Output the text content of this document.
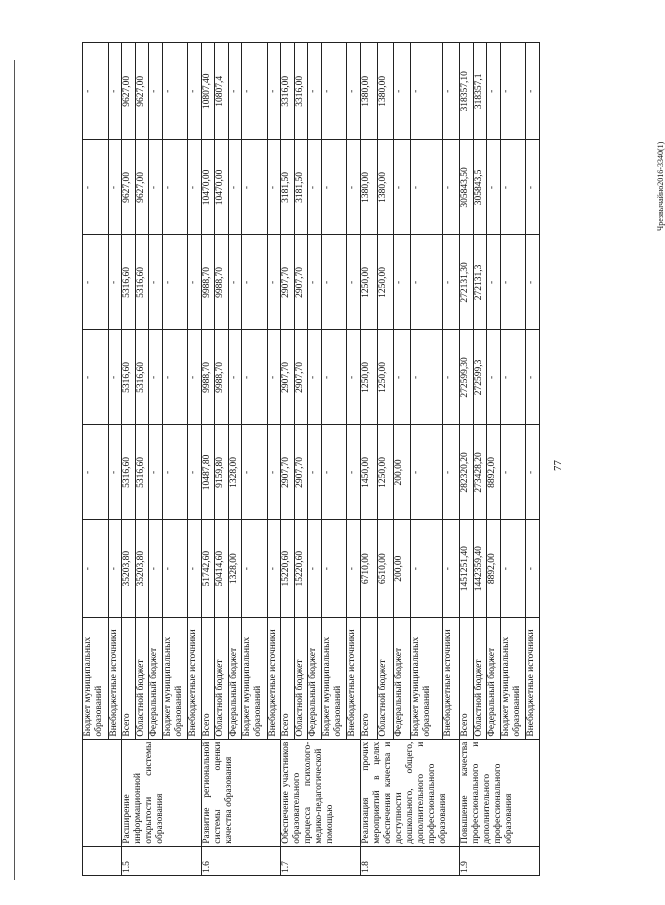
		Бюджет муниципальных образований	-	-	-	-	-	-
		Внебюджетные источники	-	-	-	-	-	-
1.5	Расширение информационной открытости системы образования	Всего	35203,80	5316,60	5316,60	5316,60	9627,00	9627,00
		Областной бюджет	35203,80	5316,60	5316,60	5316,60	9627,00	9627,00
		Федеральный бюджет	-	-	-	-	-	-
		Бюджет муниципальных образований	-	-	-	-	-	-
		Внебюджетные источники	-	-	-	-	-	-
1.6	Развитие региональной системы оценки качества образования	Всего	51742,60	10487,80	9988,70	9988,70	10470,00	10807,40
		Областной бюджет	50414,60	9159,80	9988,70	9988,70	10470,00	10807,4
		Федеральный бюджет	1328,00	1328,00	-	-	-	-
		Бюджет муниципальных образований	-	-	-	-	-	-
		Внебюджетные источники	-	-	-	-	-	-
1.7	Обеспечение участников образовательного процесса психолого-медико-педагогической помощью	Всего	15220,60	2907,70	2907,70	2907,70	3181,50	3316,00
		Областной бюджет	15220,60	2907,70	2907,70	2907,70	3181,50	3316,00
		Федеральный бюджет	-	-	-	-	-	-
		Бюджет муниципальных образований	-	-	-	-	-	-
		Внебюджетные источники	-	-	-	-	-	-
1.8	Реализация прочих мероприятий в целях обеспечения качества и доступности дошкольного, общего, дополнительного и профессионального образования	Всего	6710,00	1450,00	1250,00	1250,00	1380,00	1380,00
		Областной бюджет	6510,00	1250,00	1250,00	1250,00	1380,00	1380,00
		Федеральный бюджет	200,00	200,00	-	-	-	-
		Бюджет муниципальных образований	-	-	-	-	-	-
		Внебюджетные источники	-	-	-	-	-	-
1.9	Повышение качества профессионального и дополнительного профессионального образования	Всего	1451251,40	282320,20	272599,30	272131,30	305843,50	318357,10
		Областной бюджет	1442359,40	273428,20	272599,3	272131,3	305843,5	318357,1
		Федеральный бюджет	8892,00	8892,00	-	-	-	-
		Бюджет муниципальных образований	-	-	-	-	-	-
		Внебюджетные источники	-	-	-	-	-	-
77
Чрезвычайно2016-3340(1)
